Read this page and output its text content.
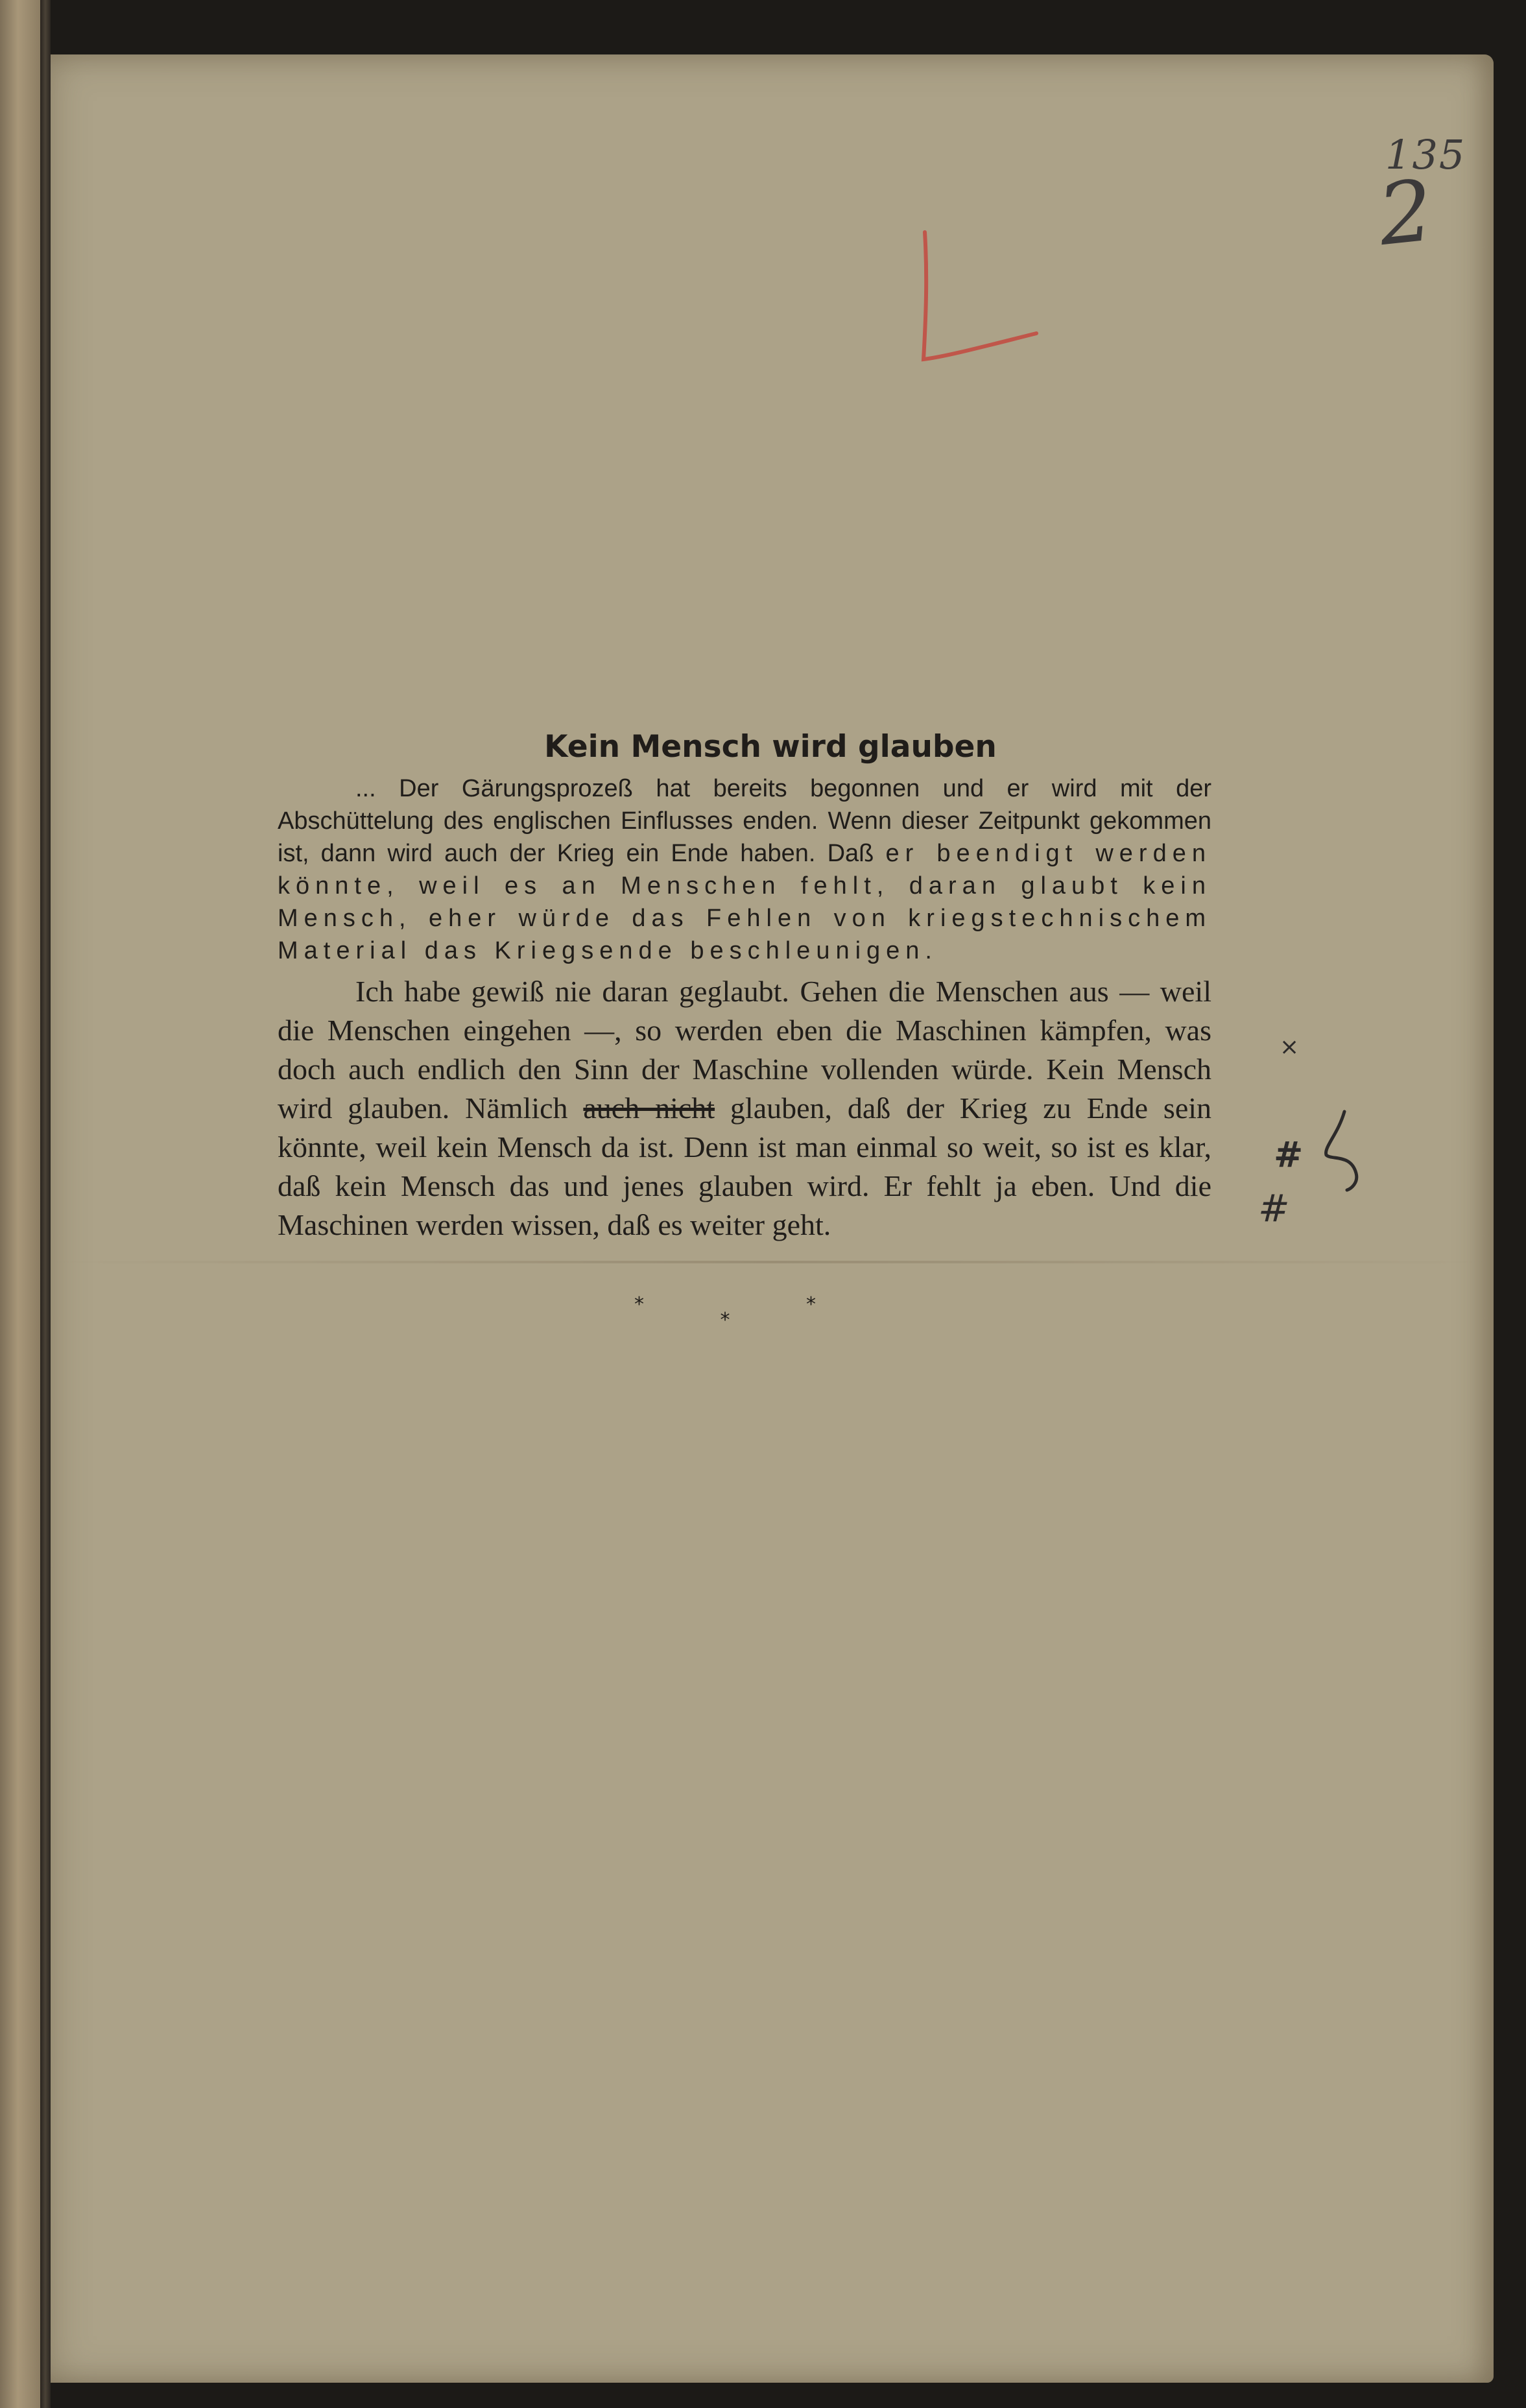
135
2
Kein Mensch wird glauben

... Der Gärungsprozeß hat bereits begonnen und er wird mit der Abschüttelung des englischen Einflusses enden. Wenn dieser Zeitpunkt gekommen ist, dann wird auch der Krieg ein Ende haben. Daß er beendigt werden könnte, weil es an Menschen fehlt, daran glaubt kein Mensch, eher würde das Fehlen von kriegstechnischem Material das Kriegsende beschleunigen.

Ich habe gewiß nie daran geglaubt. Gehen die Menschen aus — weil die Menschen eingehen —, so werden eben die Maschinen kämpfen, was doch auch endlich den Sinn der Maschine vollenden würde. Kein Mensch wird glauben. Nämlich auch nicht glauben, daß der Krieg zu Ende sein könnte, weil kein Mensch da ist. Denn ist man einmal so weit, so ist es klar, daß kein Mensch das und jenes glauben wird. Er fehlt ja eben. Und die Maschinen werden wissen, daß es weiter geht.

*
*
*
×
#
#
